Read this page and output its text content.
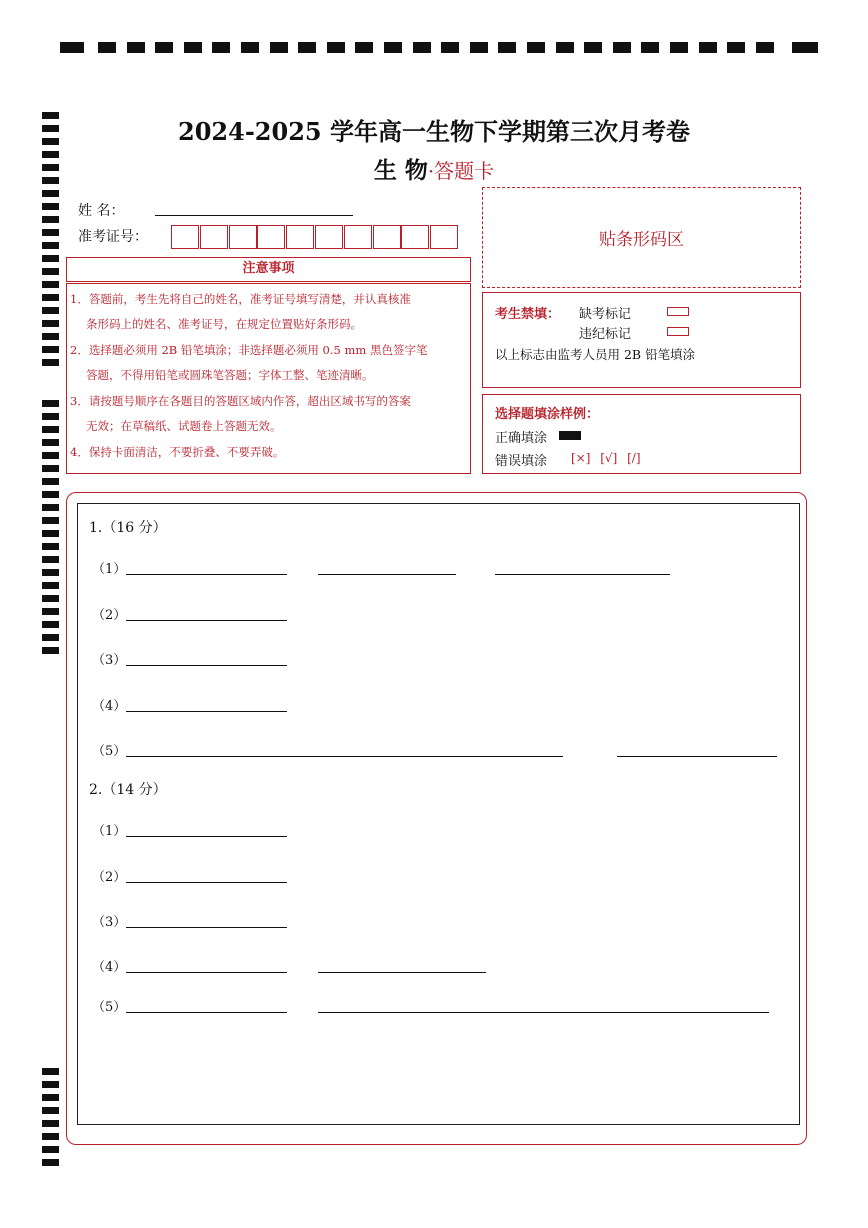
2024-2025 学年高一生物下学期第三次月考卷
生 物·答题卡
姓 名：
准考证号：	贴条形码区
注意事项
1．答题前，考生先将自己的姓名，准考证号填写清楚，并认真核准
条形码上的姓名、准考证号，在规定位置贴好条形码。
2．选择题必须用 2B 铅笔填涂；非选择题必须用 0.5 mm 黑色签字笔
答题，不得用铅笔或圆珠笔答题；字体工整、笔迹清晰。
3．请按题号顺序在各题目的答题区域内作答，超出区域书写的答案
无效；在草稿纸、试题卷上答题无效。
4．保持卡面清洁，不要折叠、不要弄破。
考生禁填： 缺考标记
违纪标记
以上标志由监考人员用 2B 铅笔填涂
选择题填涂样例：
正确填涂
错误填涂 [×] [√] [/]
1.（16 分）
2.（14 分）
（1）
（2）
（3）
（4）
（5）
（1）
（2）
（3）
（4）
（5）
